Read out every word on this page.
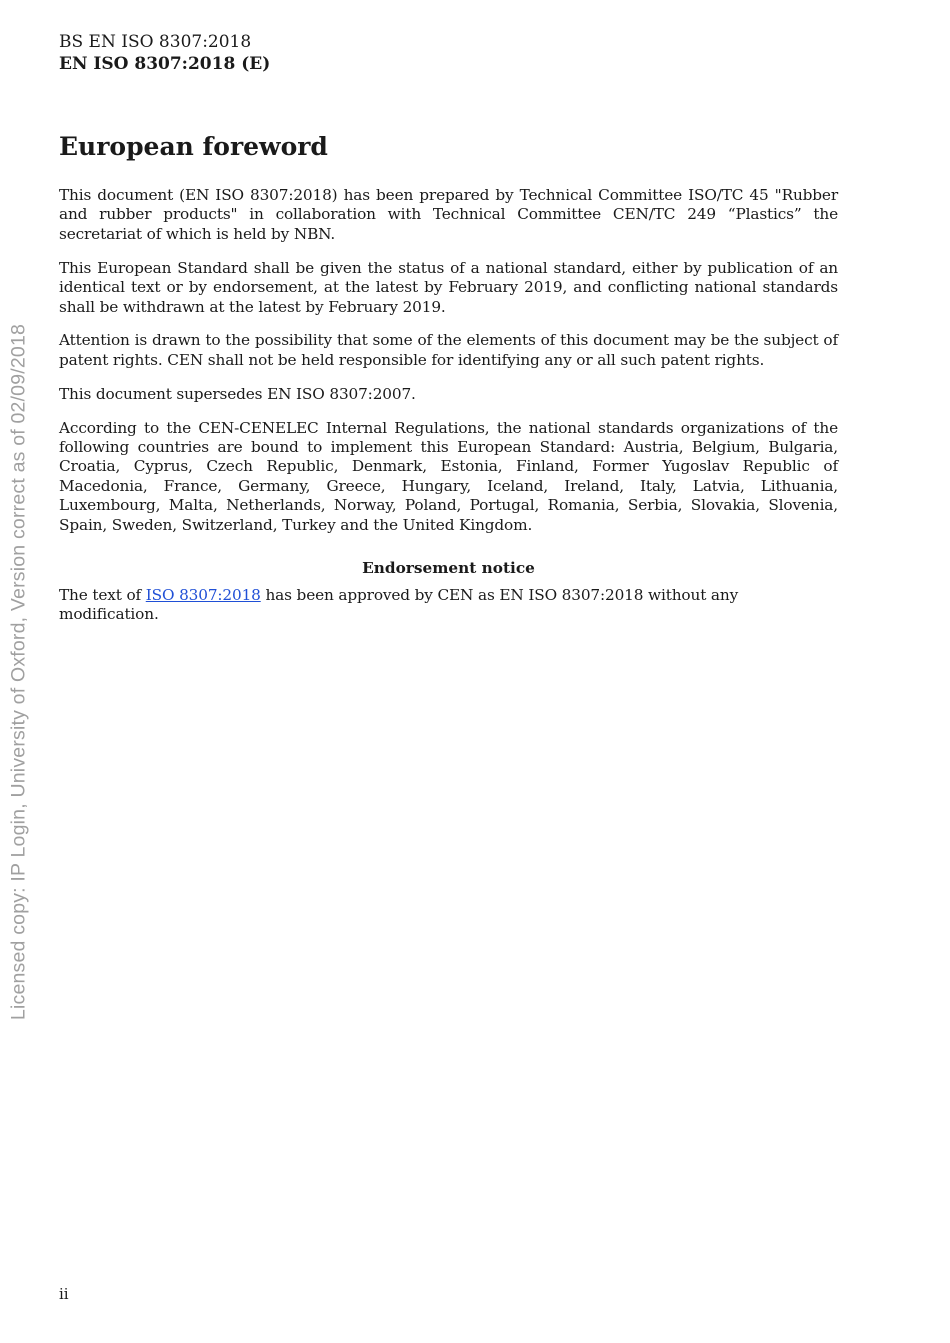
BS EN ISO 8307:2018

EN ISO 8307:2018 (E)

European foreword

This document (EN ISO 8307:2018) has been prepared by Technical Committee ISO/TC 45 "Rubber and rubber products" in collaboration with Technical Committee CEN/TC 249 “Plastics” the secretariat of which is held by NBN.

This European Standard shall be given the status of a national standard, either by publication of an identical text or by endorsement, at the latest by February 2019, and conflicting national standards shall be withdrawn at the latest by February 2019.

Attention is drawn to the possibility that some of the elements of this document may be the subject of patent rights. CEN shall not be held responsible for identifying any or all such patent rights.

This document supersedes EN ISO 8307:2007.

According to the CEN-CENELEC Internal Regulations, the national standards organizations of the following countries are bound to implement this European Standard: Austria, Belgium, Bulgaria, Croatia, Cyprus, Czech Republic, Denmark, Estonia, Finland, Former Yugoslav Republic of Macedonia, France, Germany, Greece, Hungary, Iceland, Ireland, Italy, Latvia, Lithuania, Luxembourg, Malta, Netherlands, Norway, Poland, Portugal, Romania, Serbia, Slovakia, Slovenia, Spain, Sweden, Switzerland, Turkey and the United Kingdom.

Endorsement notice

The text of ISO 8307:2018 has been approved by CEN as EN ISO 8307:2018 without any modification.

Licensed copy: IP Login, University of Oxford, Version correct as of 02/09/2018

ii
